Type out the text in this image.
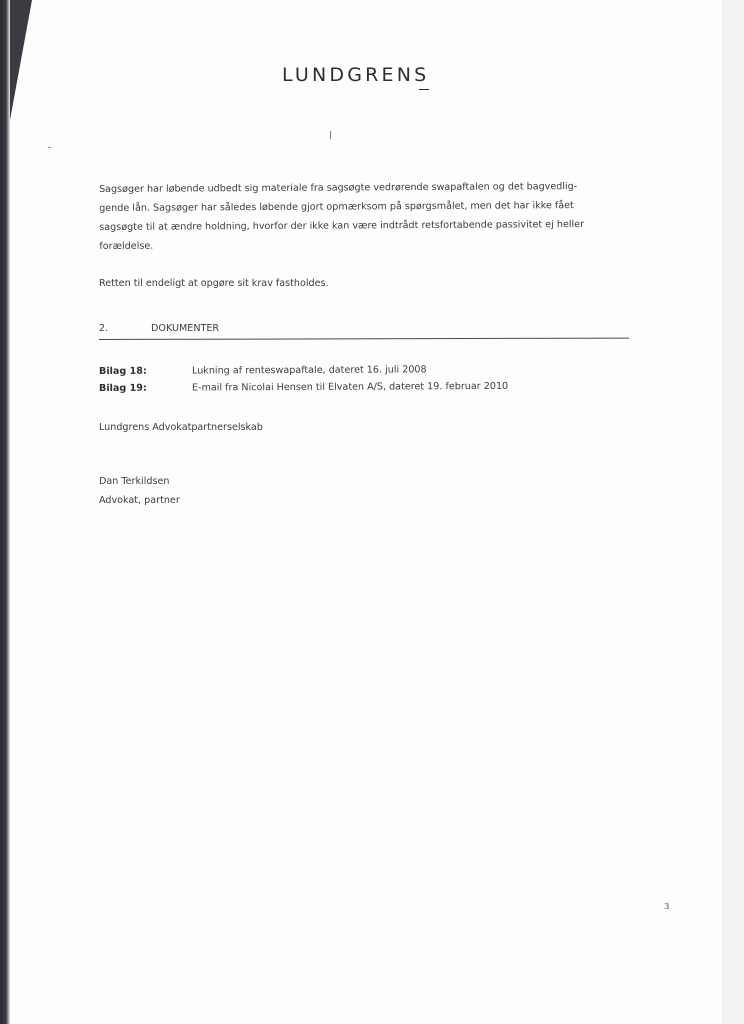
LUNDGRENS
Sagsøger har løbende udbedt sig materiale fra sagsøgte vedrørende swapaftalen og det bagvedlig-
gende lån. Sagsøger har således løbende gjort opmærksom på spørgsmålet, men det har ikke fået
sagsøgte til at ændre holdning, hvorfor der ikke kan være indtrådt retsfortabende passivitet ej heller
forældelse.
Retten til endeligt at opgøre sit krav fastholdes.
2.	DOKUMENTER
Bilag 18:	Lukning af renteswapaftale, dateret 16. juli 2008
Bilag 19:	E-mail fra Nicolai Hensen til Elvaten A/S, dateret 19. februar 2010
Lundgrens Advokatpartnerselskab
Dan Terkildsen
Advokat, partner
3
